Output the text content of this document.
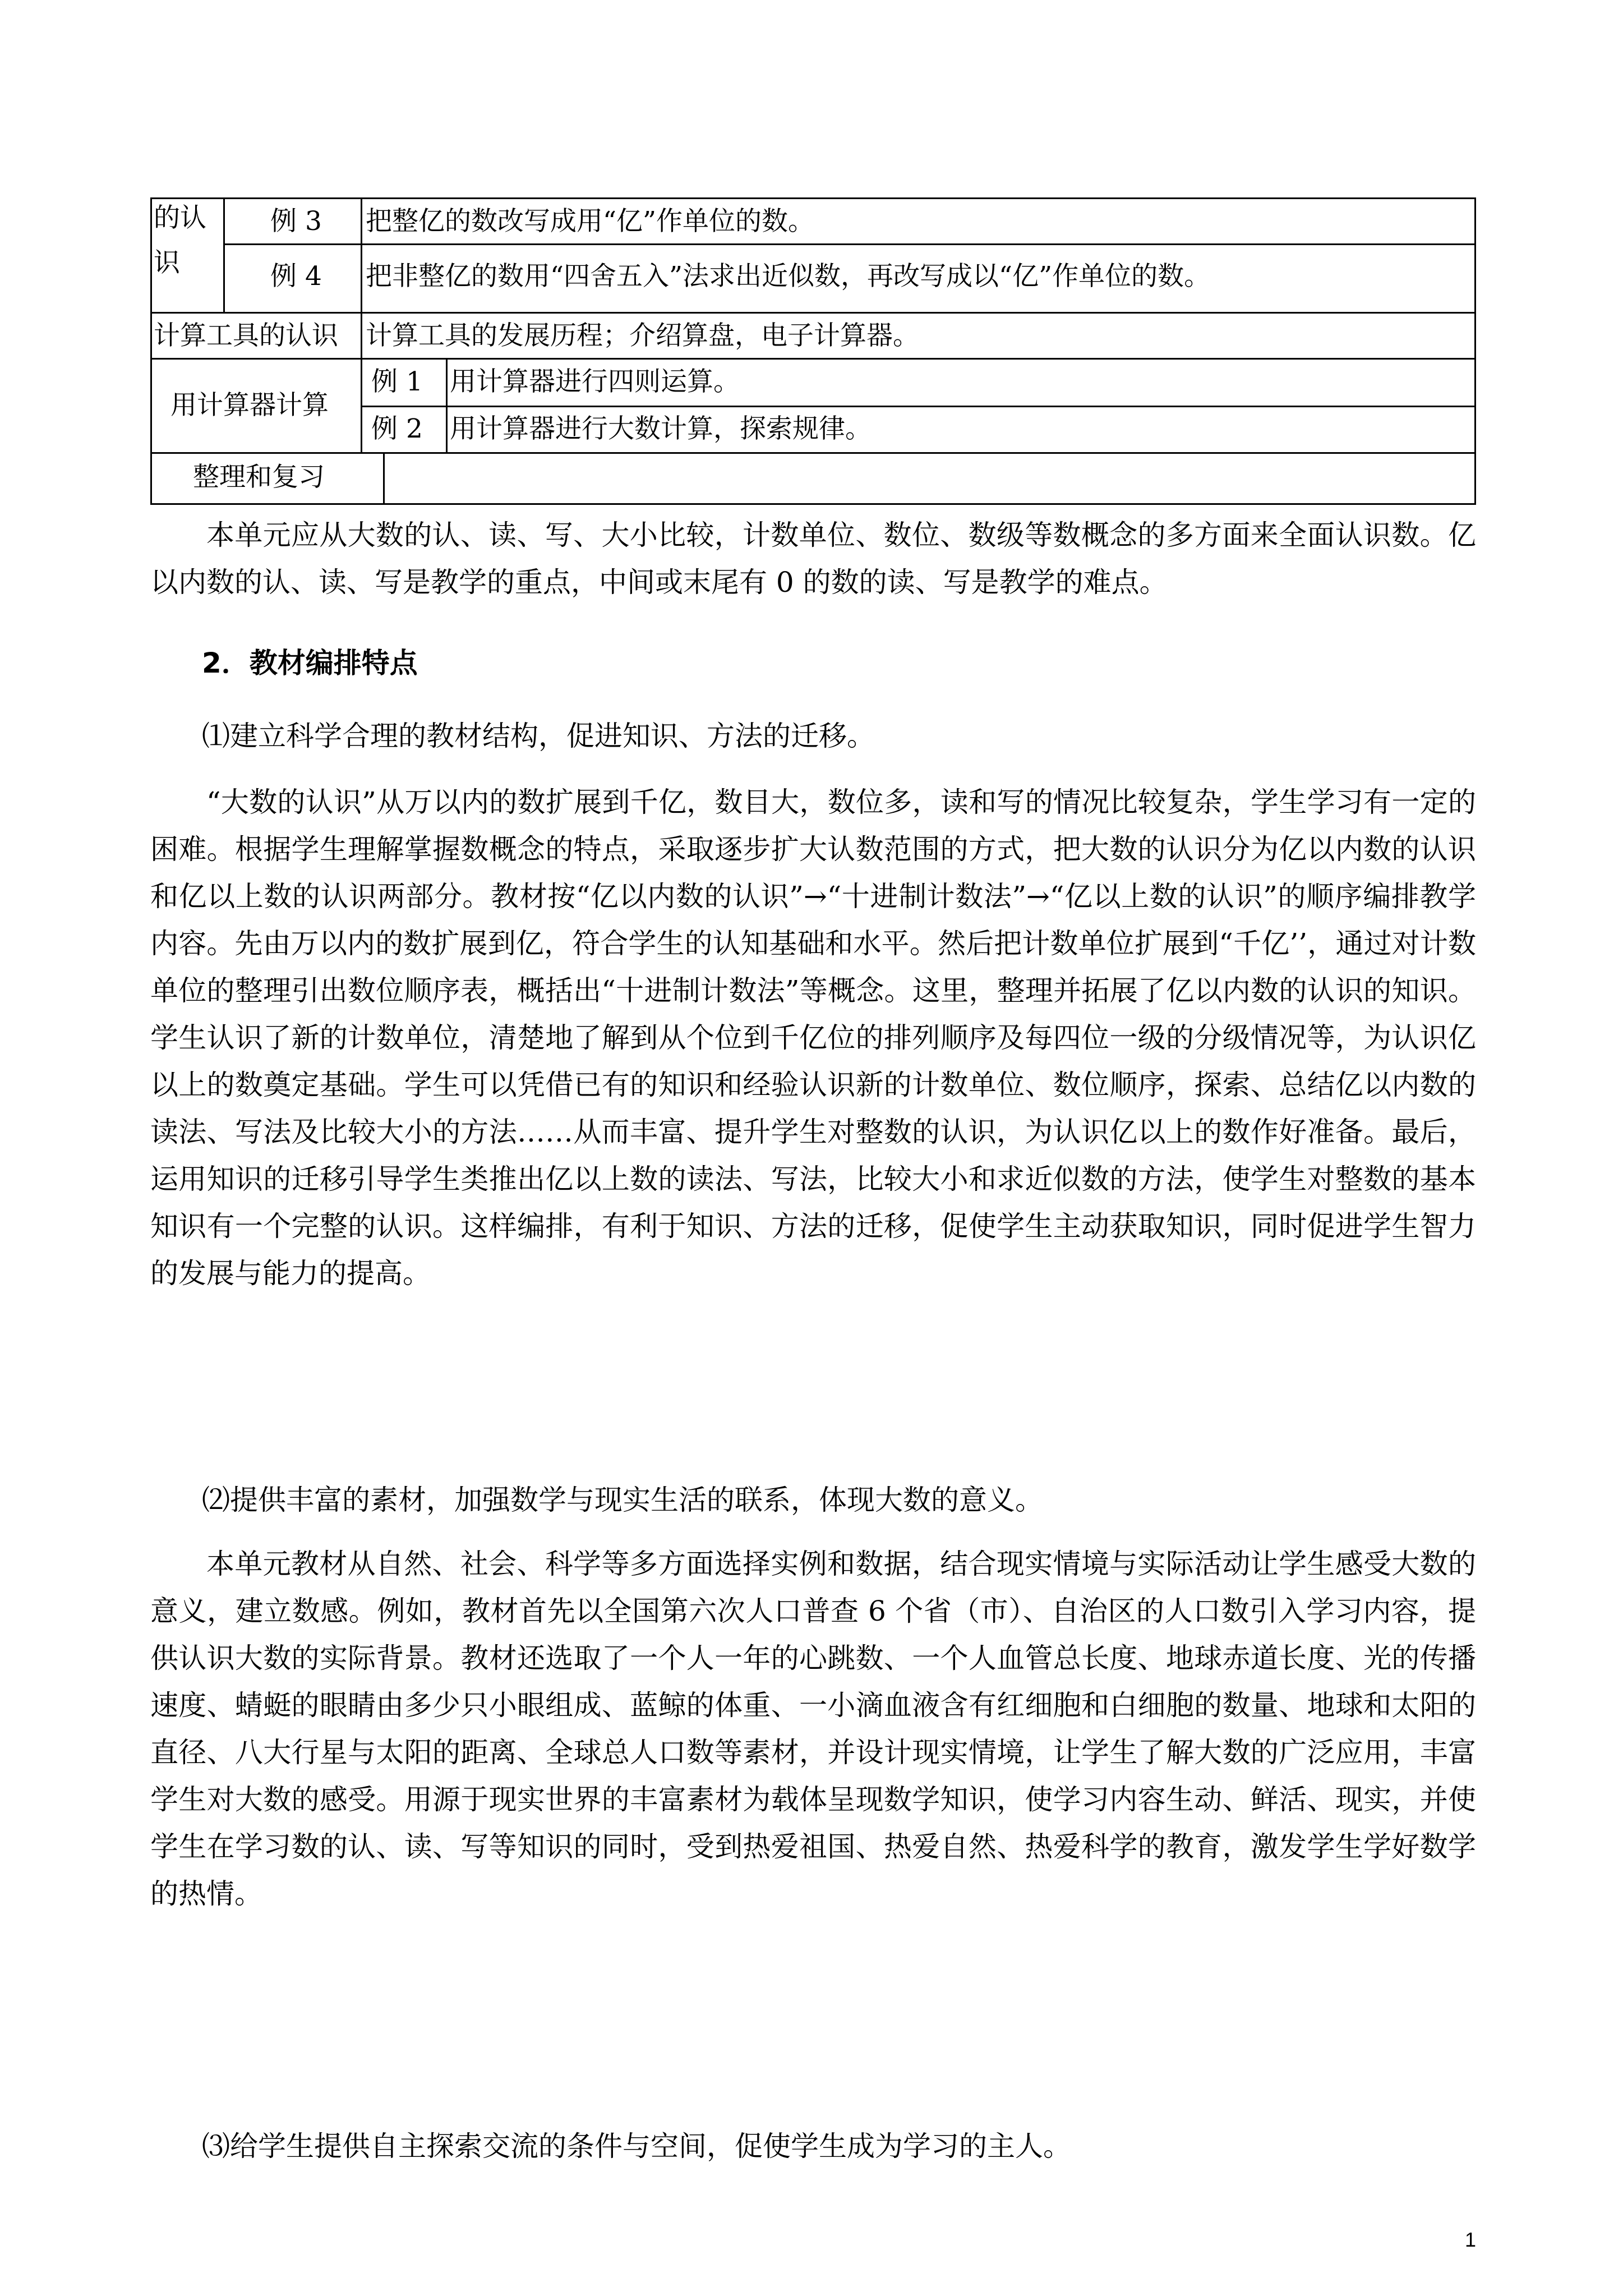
的认
识
例 3 把整亿的数改写成用“亿”作单位的数。
例 4 把非整亿的数用“四舍五入”法求出近似数，再改写成以“亿”作单位的数。
计算工具的认识 计算工具的发展历程；介绍算盘，电子计算器。
用计算器计算
例 1 用计算器进行四则运算。
例 2 用计算器进行大数计算，探索规律。
整理和复习
本单元应从大数的认、读、写、大小比较，计数单位、数位、数级等数概念的多方面来全面认识数。亿以内数的认、读、写是教学的重点，中间或末尾有 0 的数的读、写是教学的难点。
2．教材编排特点
⑴建立科学合理的教材结构，促进知识、方法的迁移。
“大数的认识”从万以内的数扩展到千亿，数目大，数位多，读和写的情况比较复杂，学生学习有一定的困难。根据学生理解掌握数概念的特点，采取逐步扩大认数范围的方式，把大数的认识分为亿以内数的认识和亿以上数的认识两部分。教材按“亿以内数的认识”→“十进制计数法”→“亿以上数的认识”的顺序编排教学内容。先由万以内的数扩展到亿，符合学生的认知基础和水平。然后把计数单位扩展到“千亿’’，通过对计数单位的整理引出数位顺序表，概括出“十进制计数法”等概念。这里，整理并拓展了亿以内数的认识的知识。学生认识了新的计数单位，清楚地了解到从个位到千亿位的排列顺序及每四位一级的分级情况等，为认识亿以上的数奠定基础。学生可以凭借已有的知识和经验认识新的计数单位、数位顺序，探索、总结亿以内数的读法、写法及比较大小的方法……从而丰富、提升学生对整数的认识，为认识亿以上的数作好准备。最后，运用知识的迁移引导学生类推出亿以上数的读法、写法，比较大小和求近似数的方法，使学生对整数的基本知识有一个完整的认识。这样编排，有利于知识、方法的迁移，促使学生主动获取知识，同时促进学生智力的发展与能力的提高。
⑵提供丰富的素材，加强数学与现实生活的联系，体现大数的意义。
本单元教材从自然、社会、科学等多方面选择实例和数据，结合现实情境与实际活动让学生感受大数的意义，建立数感。例如，教材首先以全国第六次人口普查 6 个省（市）、自治区的人口数引入学习内容，提供认识大数的实际背景。教材还选取了一个人一年的心跳数、一个人血管总长度、地球赤道长度、光的传播速度、蜻蜓的眼睛由多少只小眼组成、蓝鲸的体重、一小滴血液含有红细胞和白细胞的数量、地球和太阳的直径、八大行星与太阳的距离、全球总人口数等素材，并设计现实情境，让学生了解大数的广泛应用，丰富学生对大数的感受。用源于现实世界的丰富素材为载体呈现数学知识，使学习内容生动、鲜活、现实，并使学生在学习数的认、读、写等知识的同时，受到热爱祖国、热爱自然、热爱科学的教育，激发学生学好数学的热情。
⑶给学生提供自主探索交流的条件与空间，促使学生成为学习的主人。
1
